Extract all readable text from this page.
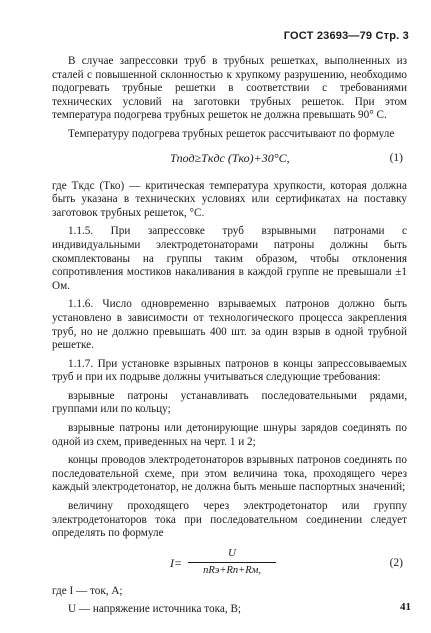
ГОСТ 23693—79 Стр. 3

В случае запрессовки труб в трубных решетках, выполненных из сталей с повышенной склонностью к хрупкому разрушению, необходимо подогревать трубные решетки в соответствии с требованиями технических условий на заготовки трубных решеток. При этом температура подогрева трубных решеток не должна превышать 90° С.

Температуру подогрева трубных решеток рассчитывают по формуле

Tпод≥Tкдс (Tко)+30°С,	(1)

где Tкдс (Tко) — критическая температура хрупкости, которая должна быть указана в технических условиях или сертификатах на поставку заготовок трубных решеток, °С.

1.1.5. При запрессовке труб взрывными патронами с индивидуальными электродетонаторами патроны должны быть скомплектованы на группы таким образом, чтобы отклонения сопротивления мостиков накаливания в каждой группе не превышали ±1 Ом.

1.1.6. Число одновременно взрываемых патронов должно быть установлено в зависимости от технологического процесса закрепления труб, но не должно превышать 400 шт. за один взрыв в одной трубной решетке.

1.1.7. При установке взрывных патронов в концы запрессовываемых труб и при их подрыве должны учитываться следующие требования:

взрывные патроны устанавливать последовательными рядами, группами или по кольцу;

взрывные патроны или детонирующие шнуры зарядов соединять по одной из схем, приведенных на черт. 1 и 2;

концы проводов электродетонаторов взрывных патронов соединять по последовательной схеме, при этом величина тока, проходящего через каждый электродетонатор, не должна быть меньше паспортных значений;

величину проходящего через электродетонатор или группу электродетонаторов тока при последовательном соединении следует определять по формуле

I=
U
nRэ+Rп+Rм,
(2)

где I — ток, А;

U — напряжение источника тока, В;	41
